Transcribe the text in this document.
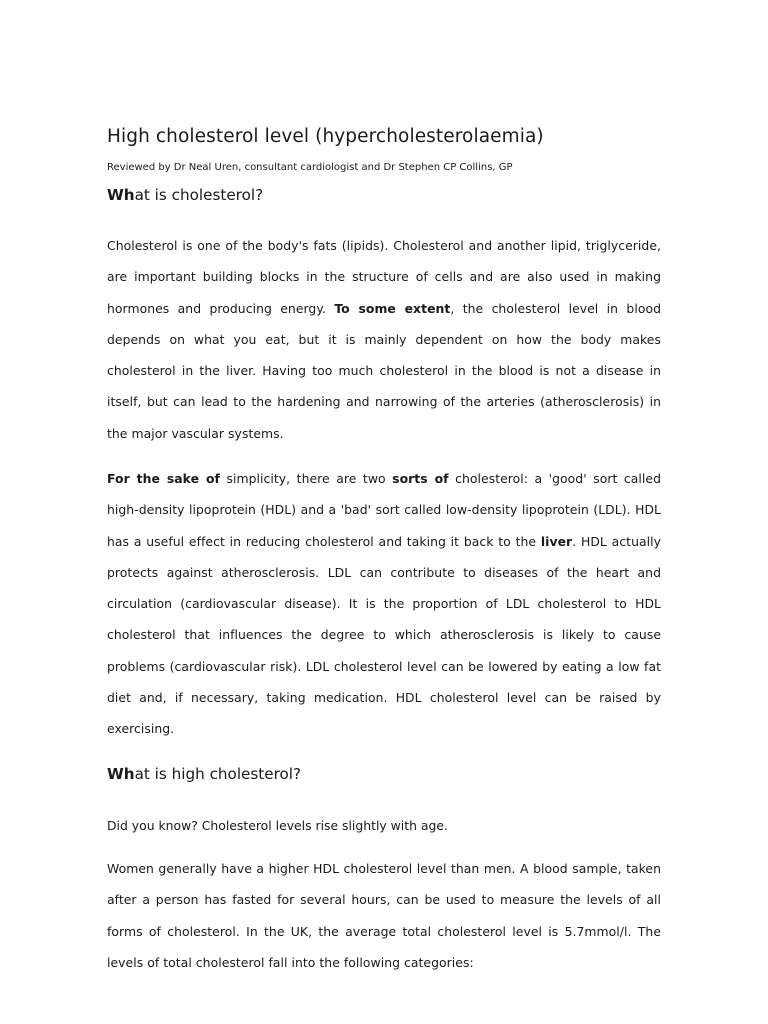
High cholesterol level (hypercholesterolaemia)

Reviewed by Dr Neal Uren, consultant cardiologist and Dr Stephen CP Collins, GP

What is cholesterol?

Cholesterol is one of the body's fats (lipids). Cholesterol and another lipid, triglyceride, are important building blocks in the structure of cells and are also used in making hormones and producing energy. To some extent, the cholesterol level in blood depends on what you eat, but it is mainly dependent on how the body makes cholesterol in the liver. Having too much cholesterol in the blood is not a disease in itself, but can lead to the hardening and narrowing of the arteries (atherosclerosis) in the major vascular systems.

For the sake of simplicity, there are two sorts of cholesterol: a 'good' sort called high-density lipoprotein (HDL) and a 'bad' sort called low-density lipoprotein (LDL). HDL has a useful effect in reducing cholesterol and taking it back to the liver. HDL actually protects against atherosclerosis. LDL can contribute to diseases of the heart and circulation (cardiovascular disease). It is the proportion of LDL cholesterol to HDL cholesterol that influences the degree to which atherosclerosis is likely to cause problems (cardiovascular risk). LDL cholesterol level can be lowered by eating a low fat diet and, if necessary, taking medication. HDL cholesterol level can be raised by exercising.

What is high cholesterol?

Did you know? Cholesterol levels rise slightly with age.

Women generally have a higher HDL cholesterol level than men. A blood sample, taken after a person has fasted for several hours, can be used to measure the levels of all forms of cholesterol. In the UK, the average total cholesterol level is 5.7mmol/l. The levels of total cholesterol fall into the following categories:
